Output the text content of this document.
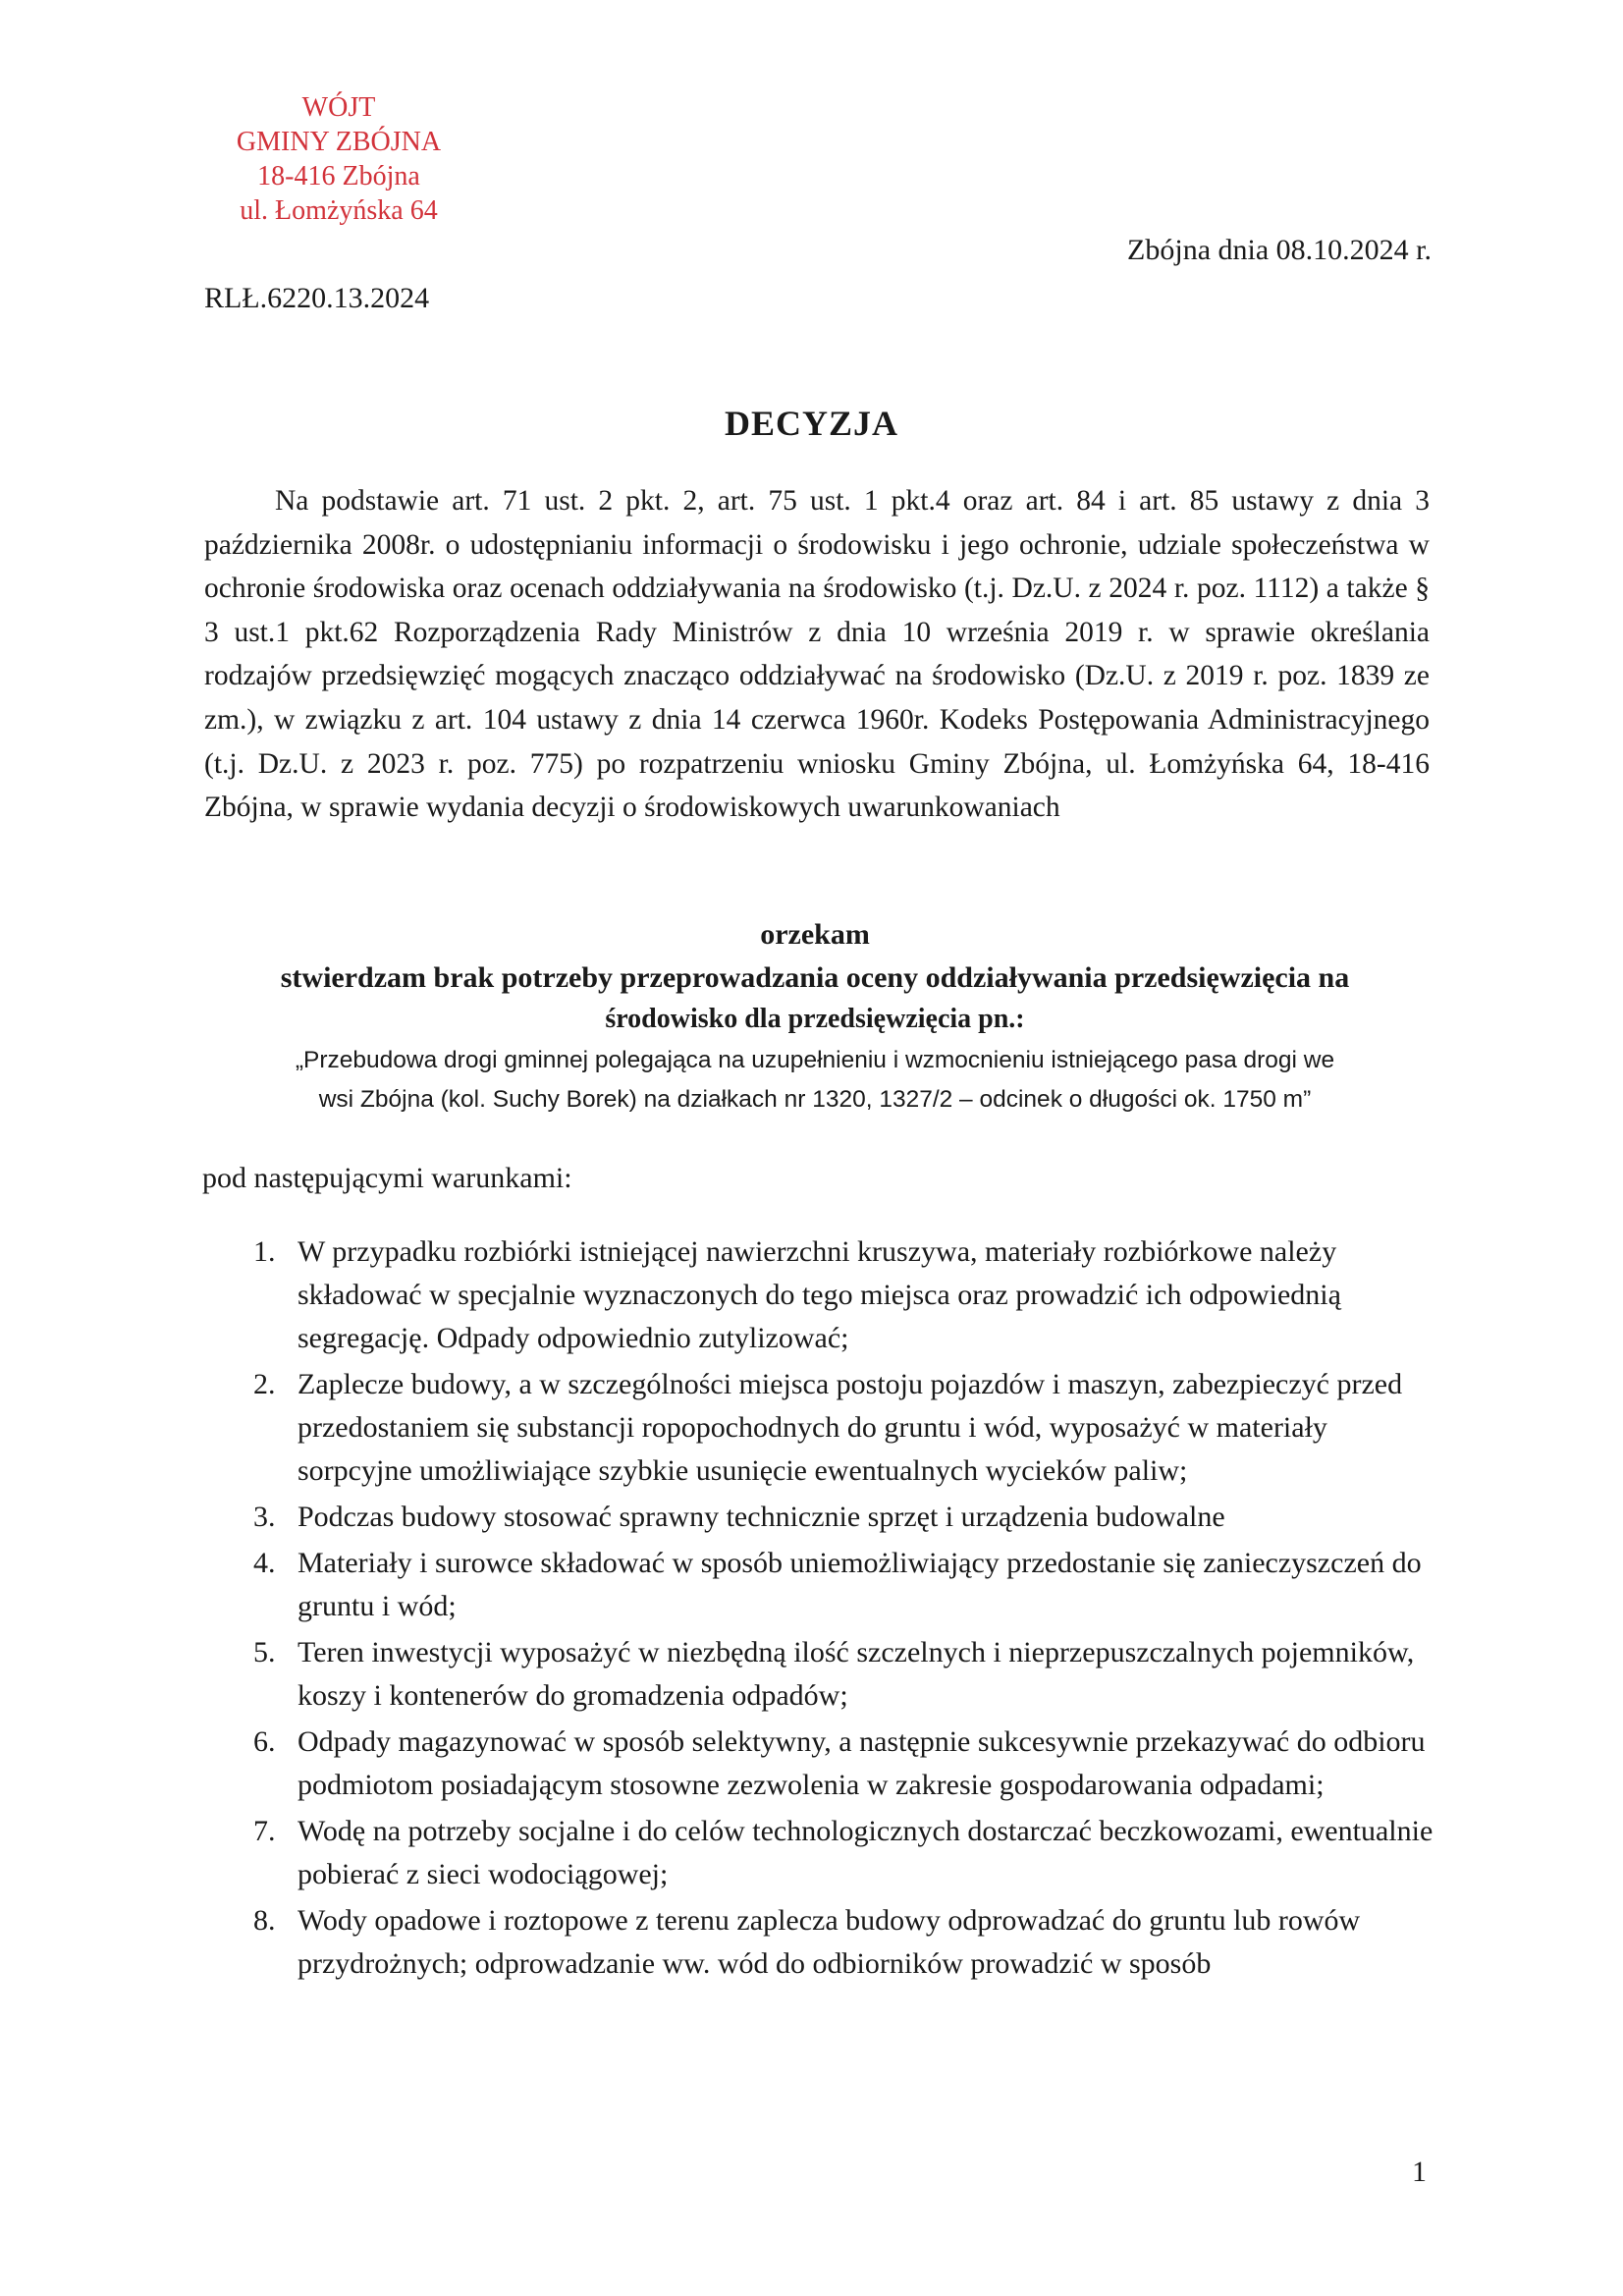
WÓJT
GMINY ZBÓJNA
18-416 Zbójna
ul. Łomżyńska 64
Zbójna dnia 08.10.2024 r.
RLŁ.6220.13.2024
DECYZJA

Na podstawie art. 71 ust. 2 pkt. 2, art. 75 ust. 1 pkt.4 oraz art. 84 i art. 85 ustawy z dnia 3 października 2008r. o udostępnianiu informacji o środowisku i jego ochronie, udziale społeczeństwa w ochronie środowiska oraz ocenach oddziaływania na środowisko (t.j. Dz.U. z 2024 r. poz. 1112) a także § 3 ust.1 pkt.62 Rozporządzenia Rady Ministrów z dnia 10 września 2019 r. w sprawie określania rodzajów przedsięwzięć mogących znacząco oddziaływać na środowisko (Dz.U. z 2019 r. poz. 1839 ze zm.), w związku z art. 104 ustawy z dnia 14 czerwca 1960r. Kodeks Postępowania Administracyjnego (t.j. Dz.U. z 2023 r. poz. 775) po rozpatrzeniu wniosku Gminy Zbójna, ul. Łomżyńska 64, 18-416 Zbójna, w sprawie wydania decyzji o środowiskowych uwarunkowaniach

orzekam
stwierdzam brak potrzeby przeprowadzania oceny oddziaływania przedsięwzięcia na
środowisko dla przedsięwzięcia pn.:
„Przebudowa drogi gminnej polegająca na uzupełnieniu i wzmocnieniu istniejącego pasa drogi we
wsi Zbójna (kol. Suchy Borek) na działkach nr 1320, 1327/2 – odcinek o długości ok. 1750 m”
pod następującymi warunkami:
1. W przypadku rozbiórki istniejącej nawierzchni kruszywa, materiały rozbiórkowe należy składować w specjalnie wyznaczonych do tego miejsca oraz prowadzić ich odpowiednią segregację. Odpady odpowiednio zutylizować;
2. Zaplecze budowy, a w szczególności miejsca postoju pojazdów i maszyn, zabezpieczyć przed przedostaniem się substancji ropopochodnych do gruntu i wód, wyposażyć w materiały sorpcyjne umożliwiające szybkie usunięcie ewentualnych wycieków paliw;
3. Podczas budowy stosować sprawny technicznie sprzęt i urządzenia budowalne
4. Materiały i surowce składować w sposób uniemożliwiający przedostanie się zanieczyszczeń do gruntu i wód;
5. Teren inwestycji wyposażyć w niezbędną ilość szczelnych i nieprzepuszczalnych pojemników, koszy i kontenerów do gromadzenia odpadów;
6. Odpady magazynować w sposób selektywny, a następnie sukcesywnie przekazywać do odbioru podmiotom posiadającym stosowne zezwolenia w zakresie gospodarowania odpadami;
7. Wodę na potrzeby socjalne i do celów technologicznych dostarczać beczkowozami, ewentualnie pobierać z sieci wodociągowej;
8. Wody opadowe i roztopowe z terenu zaplecza budowy odprowadzać do gruntu lub rowów przydrożnych; odprowadzanie ww. wód do odbiorników prowadzić w sposób
1
